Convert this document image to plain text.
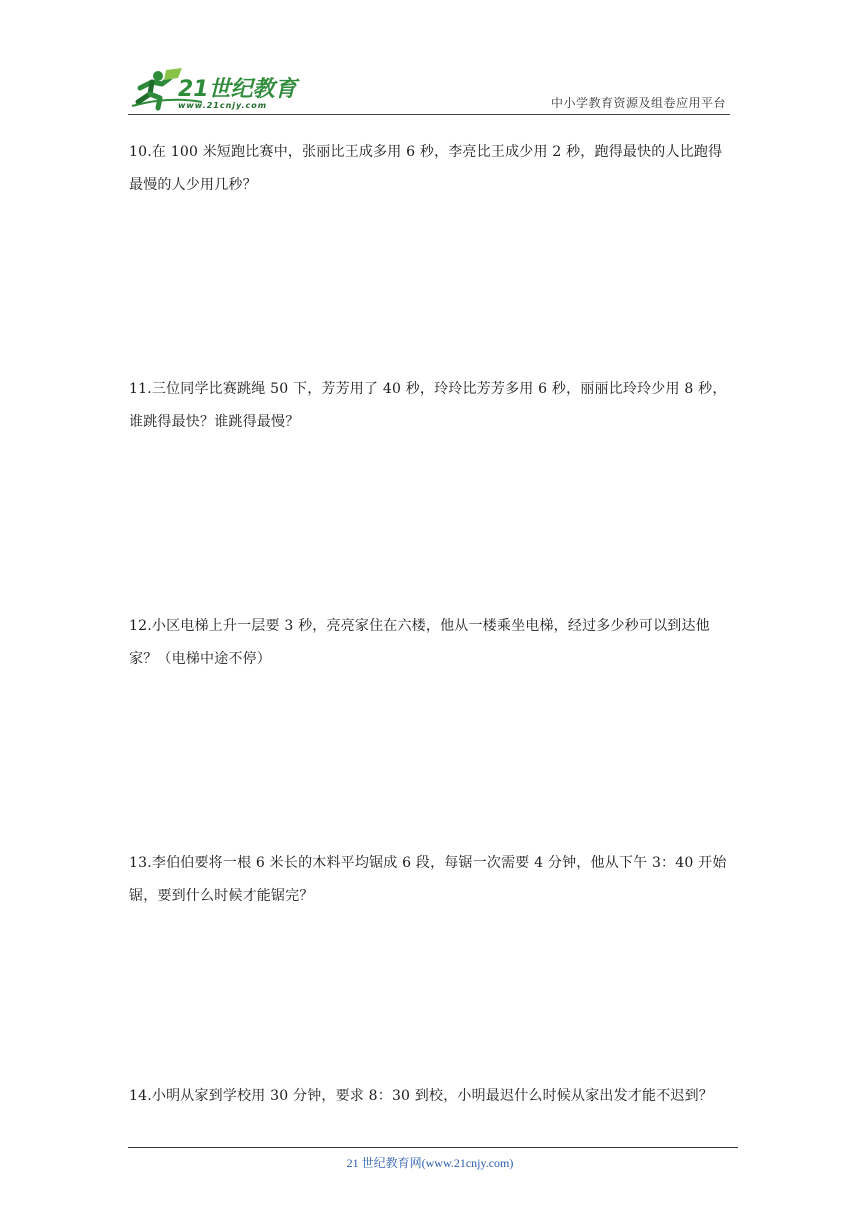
21世纪教育
www.21cnjy.com	中小学教育资源及组卷应用平台
10.在 100 米短跑比赛中，张丽比王成多用 6 秒，李亮比王成少用 2 秒，跑得最快的人比跑得最慢的人少用几秒？
11.三位同学比赛跳绳 50 下，芳芳用了 40 秒，玲玲比芳芳多用 6 秒，丽丽比玲玲少用 8 秒，谁跳得最快？谁跳得最慢？
12.小区电梯上升一层要 3 秒，亮亮家住在六楼，他从一楼乘坐电梯，经过多少秒可以到达他家？（电梯中途不停）
13.李伯伯要将一根 6 米长的木料平均锯成 6 段，每锯一次需要 4 分钟，他从下午 3：40 开始锯，要到什么时候才能锯完？
14.小明从家到学校用 30 分钟，要求 8：30 到校，小明最迟什么时候从家出发才能不迟到？
21 世纪教育网(www.21cnjy.com)
